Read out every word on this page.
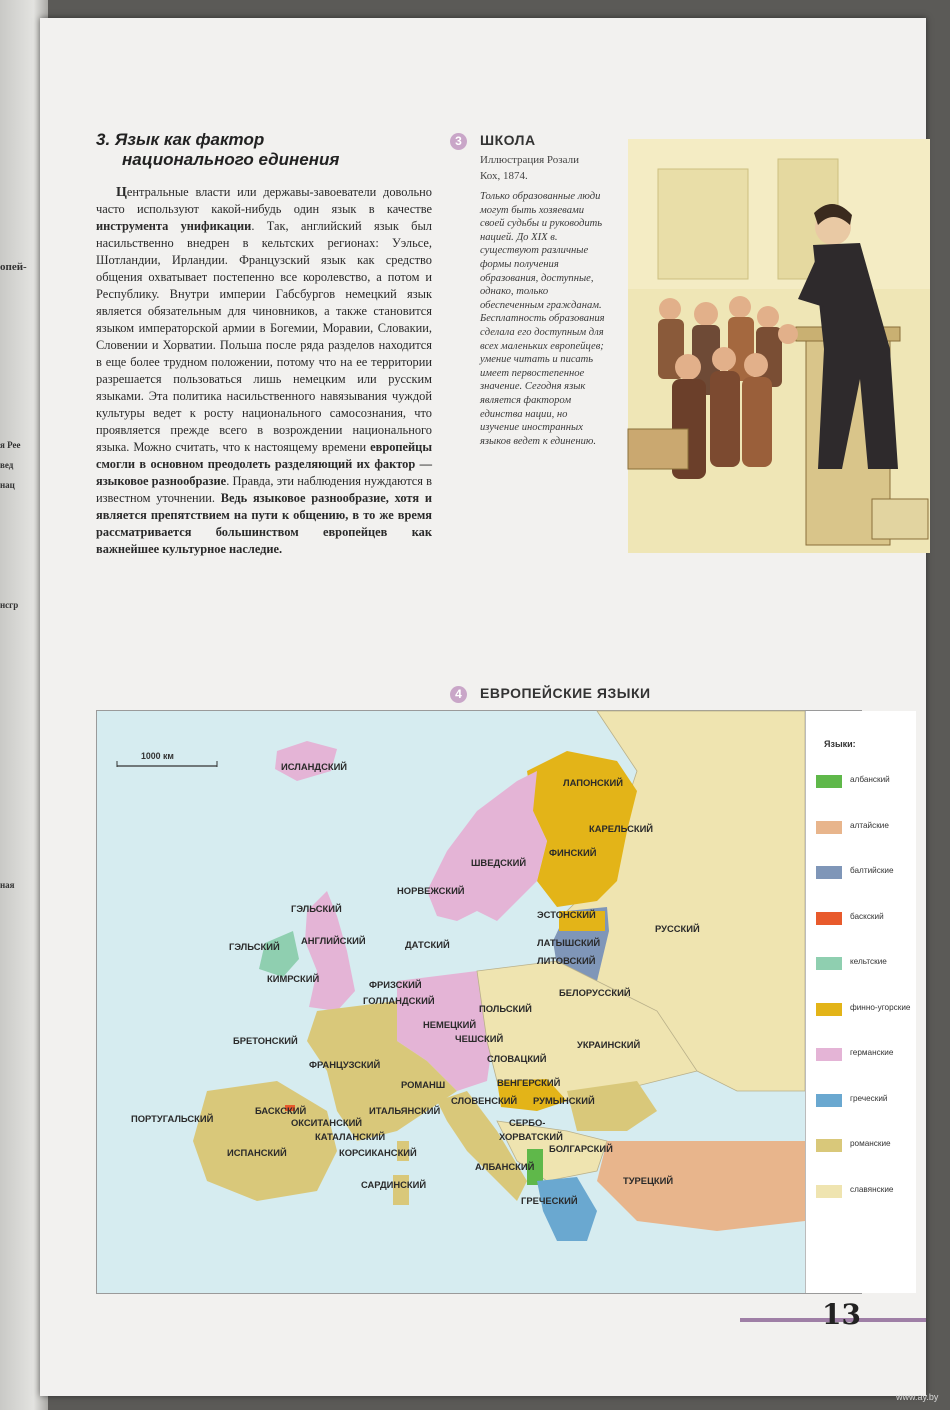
опей-
я Рее
вед
нац
нсгр
ная
3. Язык как фактор
национального единения
Центральные власти или державы-завоеватели довольно часто используют какой-нибудь один язык в качестве инструмента унификации. Так, английский язык был насильственно внедрен в кельтских регионах: Уэльсе, Шотландии, Ирландии. Французский язык как средство общения охватывает постепенно все королевство, а потом и Республику. Внутри империи Габсбургов немецкий язык является обязательным для чиновников, а также становится языком императорской армии в Богемии, Моравии, Словакии, Словении и Хорватии. Польша после ряда разделов находится в еще более трудном положении, потому что на ее территории разрешается пользоваться лишь немецким или русским языками. Эта политика насильственного навязывания чуждой культуры ведет к росту национального самосознания, что проявляется прежде всего в возрождении национального языка. Можно считать, что к настоящему времени европейцы смогли в основном преодолеть разделяющий их фактор — языковое разнообразие. Правда, эти наблюдения нуждаются в известном уточнении. Ведь языковое разнообразие, хотя и является препятствием на пути к общению, в то же время рассматривается большинством европейцев как важнейшее культурное наследие.
3	ШКОЛА
Иллюстрация Розали
Кох, 1874.
Только образованные люди могут быть хозяевами своей судьбы и руководить нацией. До XIX в. существуют различные формы получения образования, доступные, однако, только обеспеченным гражданам. Бесплатность образования сделала его доступным для всех маленьких европейцев; умение читать и писать имеет первостепенное значение. Сегодня язык является фактором единства нации, но изучение иностранных языков ведет к единению.
4	ЕВРОПЕЙСКИЕ ЯЗЫКИ
1000 км
ИСЛАНДСКИЙ
ЛАПОНСКИЙ
КАРЕЛЬСКИЙ
ФИНСКИЙ
ШВЕДСКИЙ
НОРВЕЖСКИЙ
ГЭЛЬСКИЙ
ЭСТОНСКИЙ
РУССКИЙ
ГЭЛЬСКИЙ
АНГЛИЙСКИЙ	ДАТСКИЙ	ЛАТЫШСКИЙ
ЛИТОВСКИЙ
КИМРСКИЙ
ФРИЗСКИЙ
БЕЛОРУССКИЙ
ГОЛЛАНДСКИЙ
ПОЛЬСКИЙ
НЕМЕЦКИЙ
БРЕТОНСКИЙ	ЧЕШСКИЙ
УКРАИНСКИЙ
ФРАНЦУЗСКИЙ
СЛОВАЦКИЙ
РОМАНШ	ВЕНГЕРСКИЙ
СЛОВЕНСКИЙ РУМЫНСКИЙ
ПОРТУГАЛЬСКИЙ
БАСКСКИЙ	ИТАЛЬЯНСКИЙ
ОКСИТАНСКИЙ	СЕРБО-
КАТАЛАНСКИЙ	ХОРВАТСКИЙ
БОЛГАРСКИЙ
ИСПАНСКИЙ	КОРСИКАНСКИЙ
АЛБАНСКИЙ
ТУРЕЦКИЙ
САРДИНСКИЙ
ГРЕЧЕСКИЙ
Языки:
албанский
алтайские
балтийские
баскский
кельтские
финно-угорские
германские
греческий
романские
славянские
13
www.ay.by
